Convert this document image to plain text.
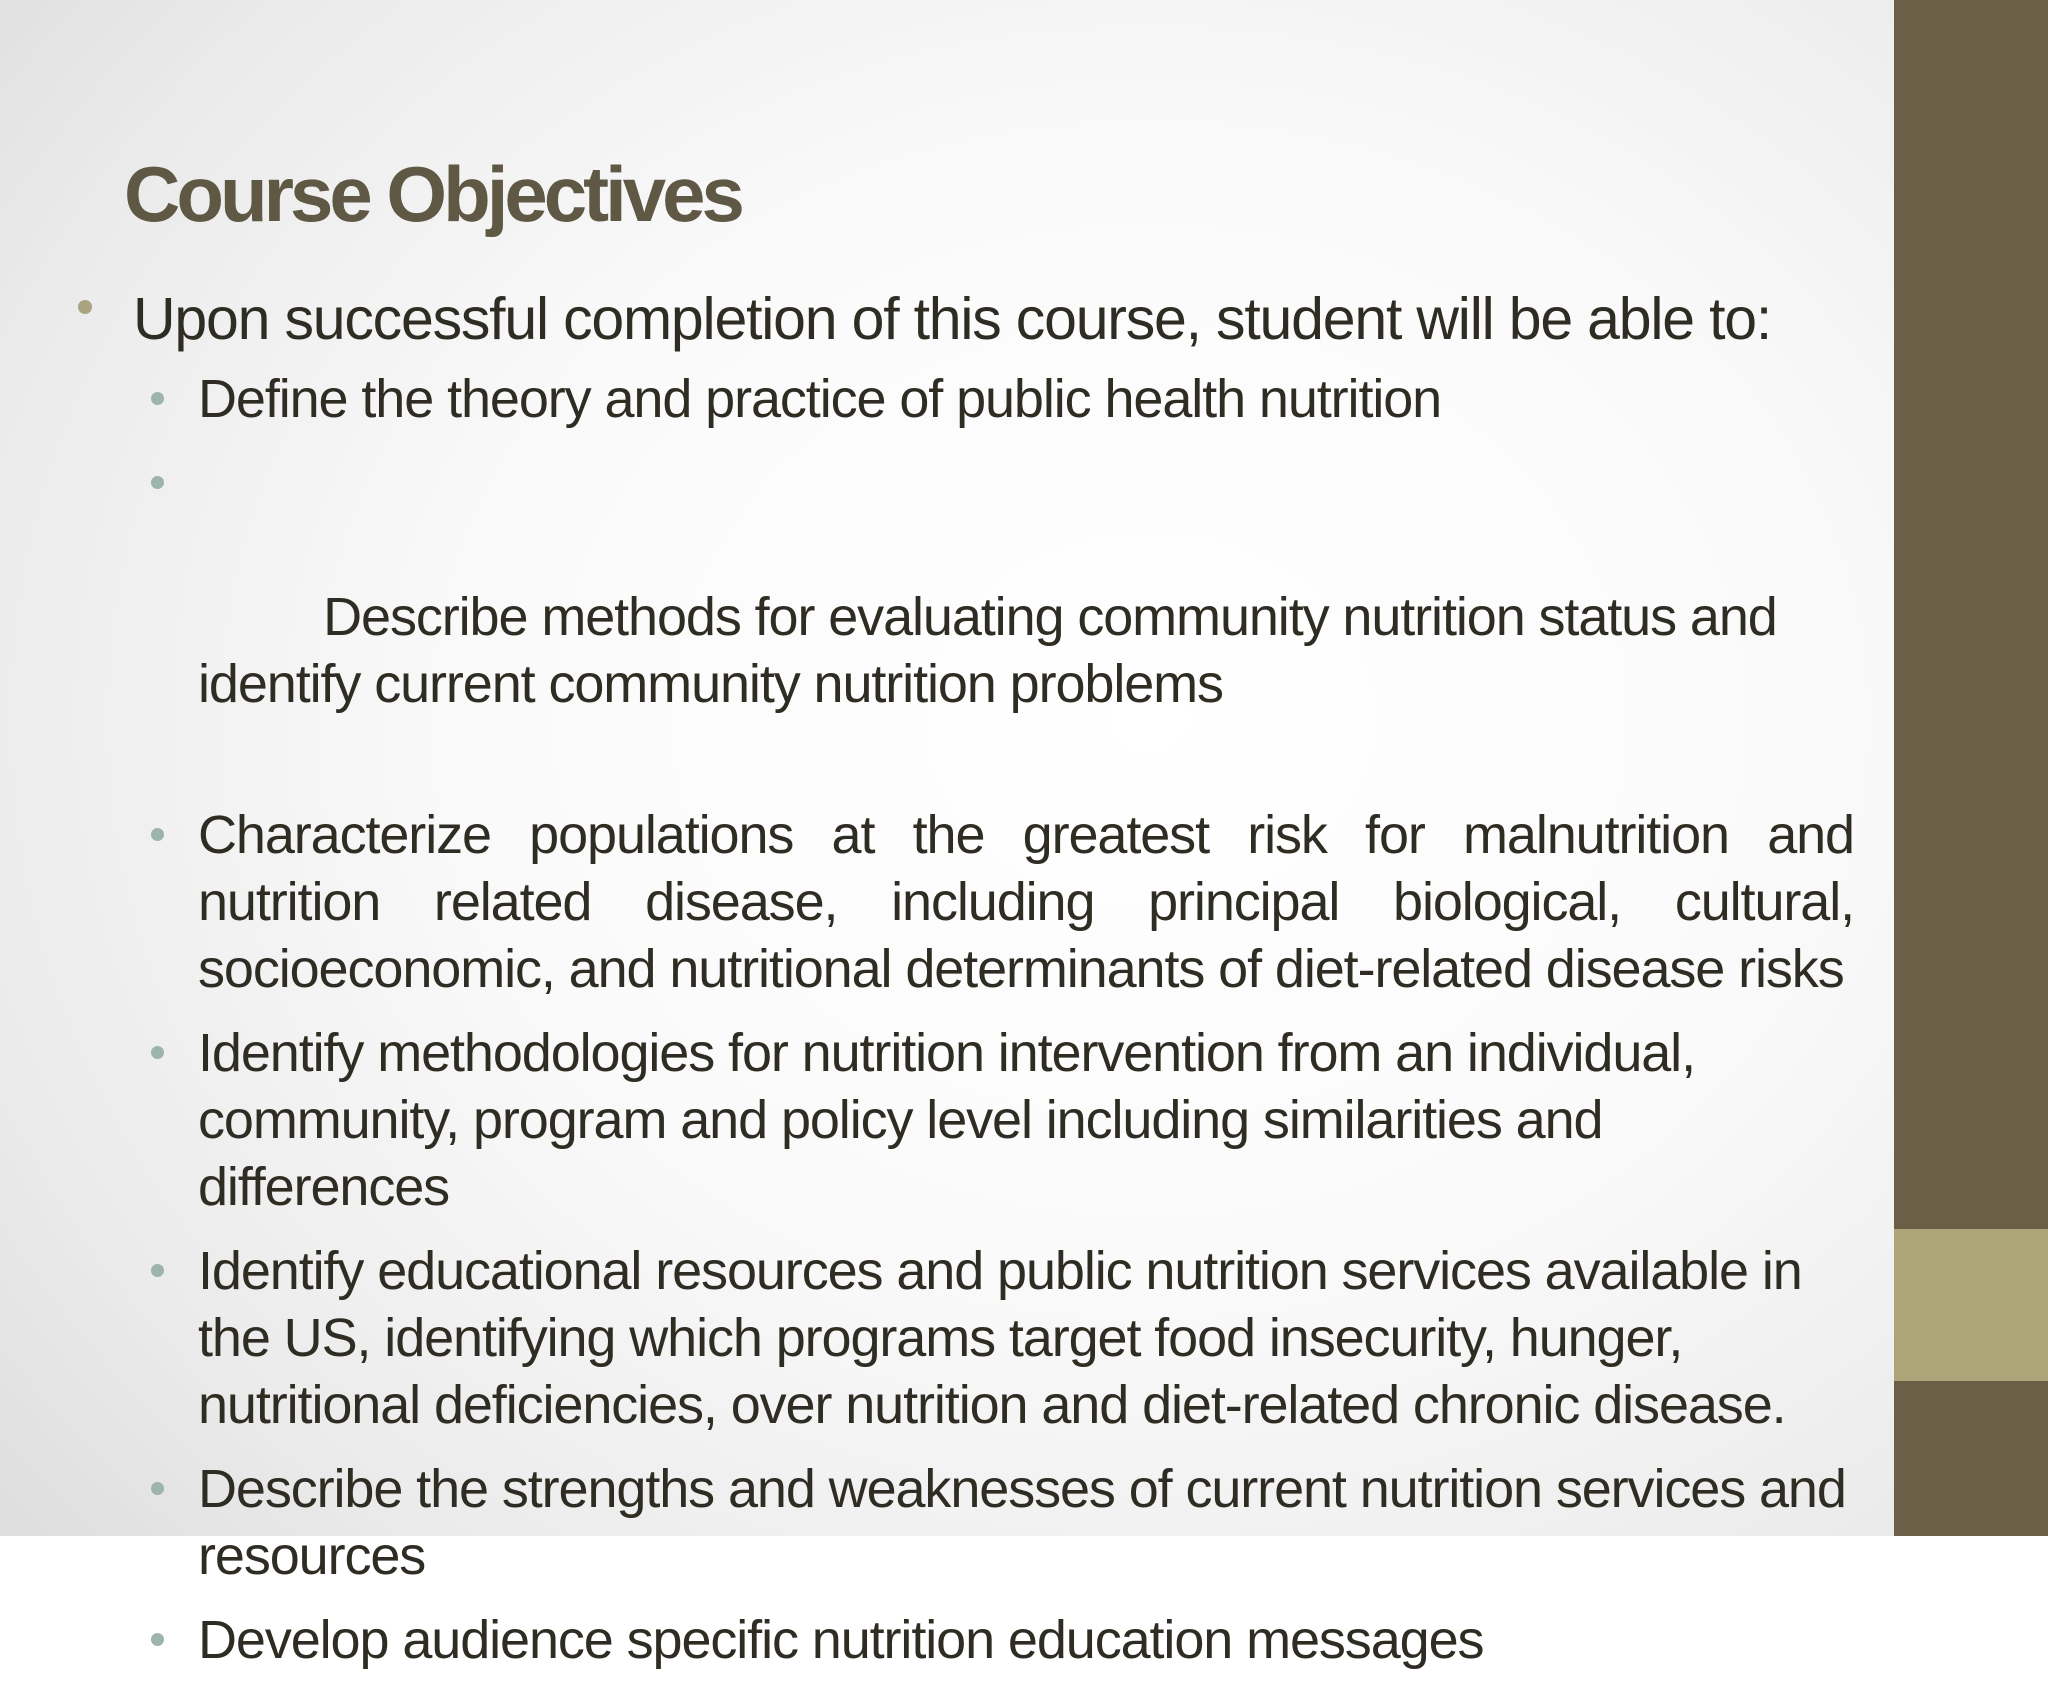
Course Objectives
Upon successful completion of this course, student will be able to:
Define the theory and practice of public health nutrition

Describe methods for evaluating community nutrition status and identify current community nutrition problems

Characterize populations at the greatest risk for malnutrition and nutrition related disease, including principal biological, cultural, socioeconomic, and nutritional determinants of diet-related disease risks
Identify methodologies for nutrition intervention from an individual, community, program and policy level including similarities and differences
Identify educational resources and public nutrition services available in the US, identifying which programs target food insecurity, hunger, nutritional deficiencies, over nutrition and diet-related chronic disease.
Describe the strengths and weaknesses of current nutrition services and resources
Develop audience specific nutrition education messages
